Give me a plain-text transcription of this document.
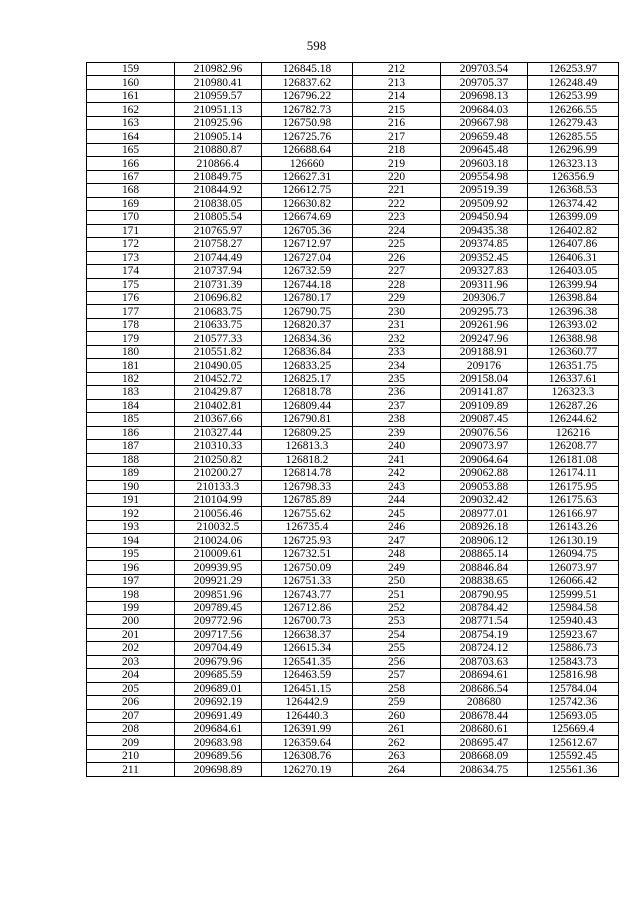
598
159	210982.96	126845.18	212	209703.54	126253.97
160	210980.41	126837.62	213	209705.37	126248.49
161	210959.57	126796.22	214	209698.13	126253.99
162	210951.13	126782.73	215	209684.03	126266.55
163	210925.96	126750.98	216	209667.98	126279.43
164	210905.14	126725.76	217	209659.48	126285.55
165	210880.87	126688.64	218	209645.48	126296.99
166	210866.4	126660	219	209603.18	126323.13
167	210849.75	126627.31	220	209554.98	126356.9
168	210844.92	126612.75	221	209519.39	126368.53
169	210838.05	126630.82	222	209509.92	126374.42
170	210805.54	126674.69	223	209450.94	126399.09
171	210765.97	126705.36	224	209435.38	126402.82
172	210758.27	126712.97	225	209374.85	126407.86
173	210744.49	126727.04	226	209352.45	126406.31
174	210737.94	126732.59	227	209327.83	126403.05
175	210731.39	126744.18	228	209311.96	126399.94
176	210696.82	126780.17	229	209306.7	126398.84
177	210683.75	126790.75	230	209295.73	126396.38
178	210633.75	126820.37	231	209261.96	126393.02
179	210577.33	126834.36	232	209247.96	126388.98
180	210551.82	126836.84	233	209188.91	126360.77
181	210490.05	126833.25	234	209176	126351.75
182	210452.72	126825.17	235	209158.04	126337.61
183	210429.87	126818.78	236	209141.87	126323.3
184	210402.81	126809.44	237	209109.89	126287.26
185	210367.66	126790.81	238	209087.45	126244.62
186	210327.44	126809.25	239	209076.56	126216
187	210310.33	126813.3	240	209073.97	126208.77
188	210250.82	126818.2	241	209064.64	126181.08
189	210200.27	126814.78	242	209062.88	126174.11
190	210133.3	126798.33	243	209053.88	126175.95
191	210104.99	126785.89	244	209032.42	126175.63
192	210056.46	126755.62	245	208977.01	126166.97
193	210032.5	126735.4	246	208926.18	126143.26
194	210024.06	126725.93	247	208906.12	126130.19
195	210009.61	126732.51	248	208865.14	126094.75
196	209939.95	126750.09	249	208846.84	126073.97
197	209921.29	126751.33	250	208838.65	126066.42
198	209851.96	126743.77	251	208790.95	125999.51
199	209789.45	126712.86	252	208784.42	125984.58
200	209772.96	126700.73	253	208771.54	125940.43
201	209717.56	126638.37	254	208754.19	125923.67
202	209704.49	126615.34	255	208724.12	125886.73
203	209679.96	126541.35	256	208703.63	125843.73
204	209685.59	126463.59	257	208694.61	125816.98
205	209689.01	126451.15	258	208686.54	125784.04
206	209692.19	126442.9	259	208680	125742.36
207	209691.49	126440.3	260	208678.44	125693.05
208	209684.61	126391.99	261	208680.61	125669.4
209	209683.98	126359.64	262	208695.47	125612.67
210	209689.56	126308.76	263	208668.09	125592.45
211	209698.89	126270.19	264	208634.75	125561.36
